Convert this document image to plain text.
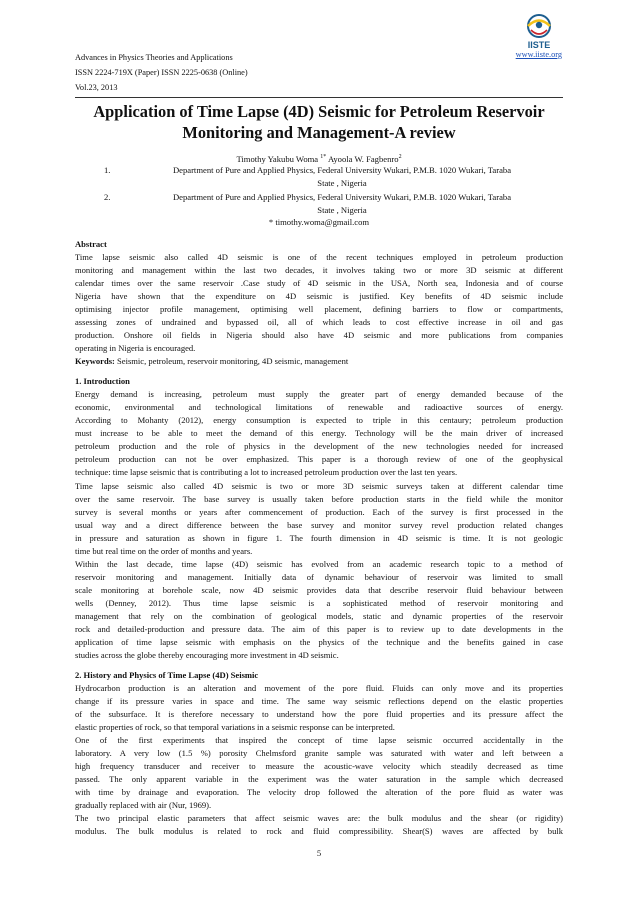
Advances in Physics Theories and Applications
ISSN 2224-719X (Paper) ISSN 2225-0638 (Online)
Vol.23, 2013
IISTE
www.iiste.org
Application of Time Lapse (4D) Seismic for Petroleum Reservoir
Monitoring and Management-A review
Timothy Yakubu Woma $^{1*}$ Ayoola W. Fagbenro$^2$
1.	Department of Pure and Applied Physics, Federal University Wukari, P.M.B. 1020 Wukari, Taraba
State , Nigeria
2.	Department of Pure and Applied Physics, Federal University Wukari, P.M.B. 1020 Wukari, Taraba
State , Nigeria
* timothy.woma@gmail.com
Abstract
Time lapse seismic also called 4D seismic is one of the recent techniques employed in petroleum production
monitoring and management within the last two decades, it involves taking two or more 3D seismic at different
calendar times over the same reservoir .Case study of 4D seismic in the USA, North sea, Indonesia and of course
Nigeria have shown that the expenditure on 4D seismic is justified. Key benefits of 4D seismic include
optimising injector profile management, optimising well placement, defining barriers to flow or compartments,
assessing zones of undrained and bypassed oil, all of which leads to cost effective increase in oil and gas
production. Onshore oil fields in Nigeria should also have 4D seismic and more publications from companies
operating in Nigeria is encouraged.
Keywords: Seismic, petroleum, reservoir monitoring, 4D seismic, management
1. Introduction
Energy demand is increasing, petroleum must supply the greater part of energy demanded because of the
economic, environmental and technological limitations of renewable and radioactive sources of energy.
According to Mohanty (2012), energy consumption is expected to triple in this centaury; petroleum production
must increase to be able to meet the demand of this energy. Technology will be the main driver of increased
petroleum production and the role of physics in the development of the new technologies needed for increased
petroleum production can not be over emphasized. This paper is a thorough review of one of the geophysical
technique: time lapse seismic that is contributing a lot to increased petroleum production over the last ten years.
Time lapse seismic also called 4D seismic is two or more 3D seismic surveys taken at different calendar time
over the same reservoir. The base survey is usually taken before production starts in the field while the monitor
survey is several months or years after commencement of production. Each of the survey is first processed in the
usual way and a direct difference between the base survey and monitor survey revel production related changes
in pressure and saturation as shown in figure 1. The fourth dimension in 4D seismic is time. It is not geologic
time but real time on the order of months and years.
Within the last decade, time lapse (4D) seismic has evolved from an academic research topic to a method of
reservoir monitoring and management. Initially data of dynamic behaviour of reservoir was limited to small
scale monitoring at borehole scale, now 4D seismic provides data that describe reservoir fluid behaviour between
wells (Denney, 2012). Thus time lapse seismic is a sophisticated method of reservoir monitoring and
management that rely on the combination of geological models, static and dynamic properties of the reservoir
rock and detailed-production and pressure data. The aim of this paper is to review up to date developments in the
application of time lapse seismic with emphasis on the physics of the technique and the benefits gained in case
studies across the globe thereby encouraging more investment in 4D seismic.
2. History and Physics of Time Lapse (4D) Seismic
Hydrocarbon production is an alteration and movement of the pore fluid. Fluids can only move and its properties
change if its pressure varies in space and time. The same way seismic reflections depend on the elastic properties
of the subsurface. It is therefore necessary to understand how the pore fluid properties and its pressure affect the
elastic properties of rock, so that temporal variations in a seismic response can be interpreted.
One of the first experiments that inspired the concept of time lapse seismic occurred accidentally in the
laboratory. A very low (1.5 %) porosity Chelmsford granite sample was saturated with water and left between a
high frequency transducer and receiver to measure the acoustic-wave velocity which steadily decreased as time
passed. The only apparent variable in the experiment was the water saturation in the sample which decreased
with time by drainage and evaporation. The velocity drop followed the alteration of the pore fluid as water was
gradually replaced with air (Nur, 1969).
The two principal elastic parameters that affect seismic waves are: the bulk modulus and the shear (or rigidity)
modulus. The bulk modulus is related to rock and fluid compressibility. Shear(S) waves are affected by bulk
5
